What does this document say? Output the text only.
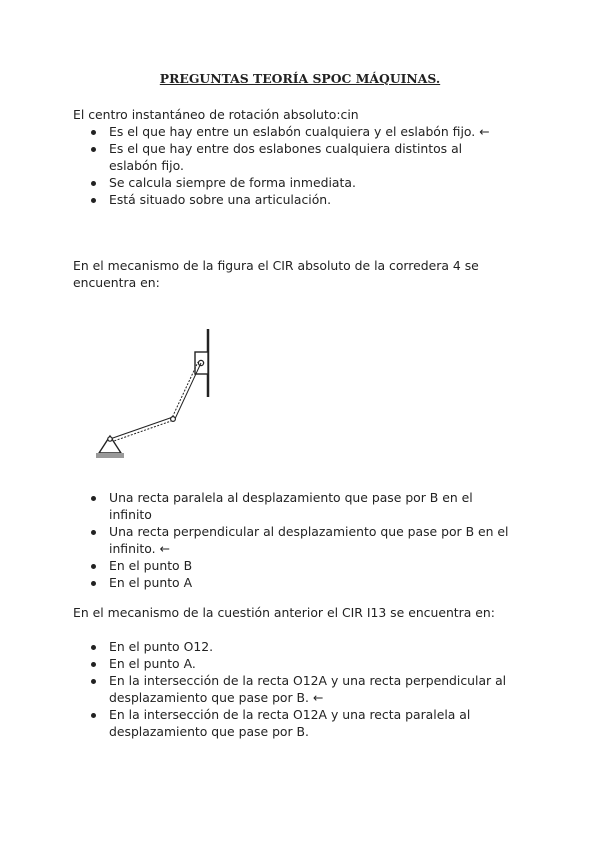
PREGUNTAS TEORÍA SPOC MÁQUINAS.

El centro instantáneo de rotación absoluto:cin

Es el que hay entre un eslabón cualquiera y el eslabón fijo. ←
Es el que hay entre dos eslabones cualquiera distintos al eslabón fijo.
Se calcula siempre de forma inmediata.
Está situado sobre una articulación.

En el mecanismo de la figura el CIR absoluto de la corredera 4 se encuentra en:

Una recta paralela al desplazamiento que pase por B en el infinito
Una recta perpendicular al desplazamiento que pase por B en el infinito. ←
En el punto B
En el punto A

En el mecanismo de la cuestión anterior el CIR I13 se encuentra en:

En el punto O12.
En el punto A.
En la intersección de la recta O12A y una recta perpendicular al desplazamiento que pase por B. ←
En la intersección de la recta O12A y una recta paralela al desplazamiento que pase por B.
